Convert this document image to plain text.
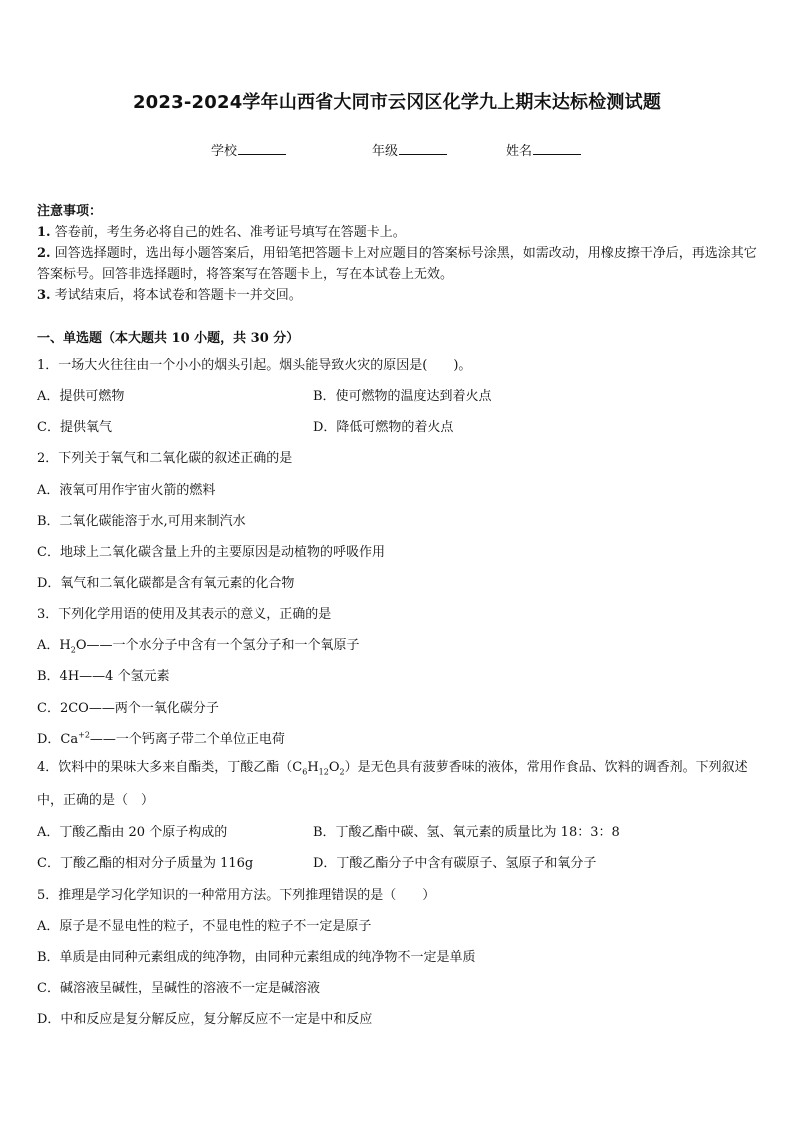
2023-2024学年山西省大同市云冈区化学九上期末达标检测试题
学校	年级	姓名
注意事项：
1. 答卷前，考生务必将自己的姓名、准考证号填写在答题卡上。
2. 回答选择题时，选出每小题答案后，用铅笔把答题卡上对应题目的答案标号涂黑，如需改动，用橡皮擦干净后，再选涂其它答案标号。回答非选择题时，将答案写在答题卡上，写在本试卷上无效。
3. 考试结束后，将本试卷和答题卡一并交回。
一、单选题（本大题共 10 小题，共 30 分）
1．一场大火往往由一个小小的烟头引起。烟头能导致火灾的原因是(　　)。
A．提供可燃物	B．使可燃物的温度达到着火点
C．提供氧气	D．降低可燃物的着火点
2．下列关于氧气和二氧化碳的叙述正确的是
A．液氧可用作宇宙火箭的燃料
B．二氧化碳能溶于水,可用来制汽水
C．地球上二氧化碳含量上升的主要原因是动植物的呼吸作用
D．氧气和二氧化碳都是含有氧元素的化合物
3．下列化学用语的使用及其表示的意义，正确的是
A．$H_2O——$一个水分子中含有一个氢分子和一个氧原子
B．4H——4 个氢元素
C．2CO——两个一氧化碳分子
D．$Ca^{+2}——$一个钙离子带二个单位正电荷
4．饮料中的果味大多来自酯类，丁酸乙酯$(C_6H_{12}O_2)$是无色具有菠萝香味的液体，常用作食品、饮料的调香剂。下列叙述中，正确的是（　）
A．丁酸乙酯由 20 个原子构成的	B．丁酸乙酯中碳、氢、氧元素的质量比为 18：3：8
C．丁酸乙酯的相对分子质量为 116g	D．丁酸乙酯分子中含有碳原子、氢原子和氧分子
5．推理是学习化学知识的一种常用方法。下列推理错误的是（　　）
A．原子是不显电性的粒子，不显电性的粒子不一定是原子
B．单质是由同种元素组成的纯净物，由同种元素组成的纯净物不一定是单质
C．碱溶液呈碱性，呈碱性的溶液不一定是碱溶液
D．中和反应是复分解反应，复分解反应不一定是中和反应
